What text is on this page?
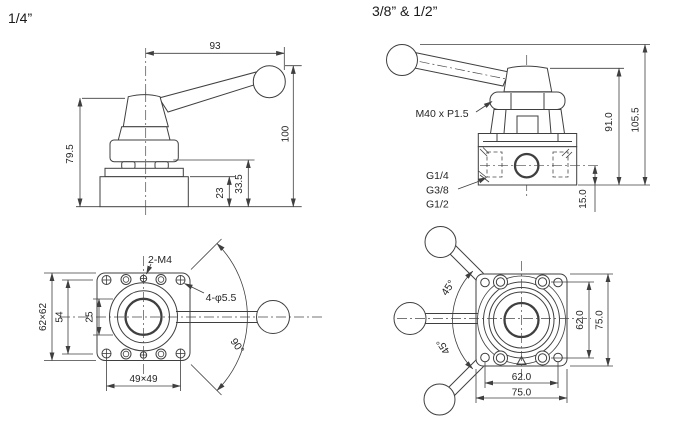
93
100
79.5
23 33.5
90°
2-M4
4-φ5.5
62×62 54 25
49×49
M40 x P1.5
G1/4
G3/8
G1/2
91.0 105.5
15.0
45°
45°
62.0 75.0
62.0
75.0
1/4”	3/8” & 1/2”
